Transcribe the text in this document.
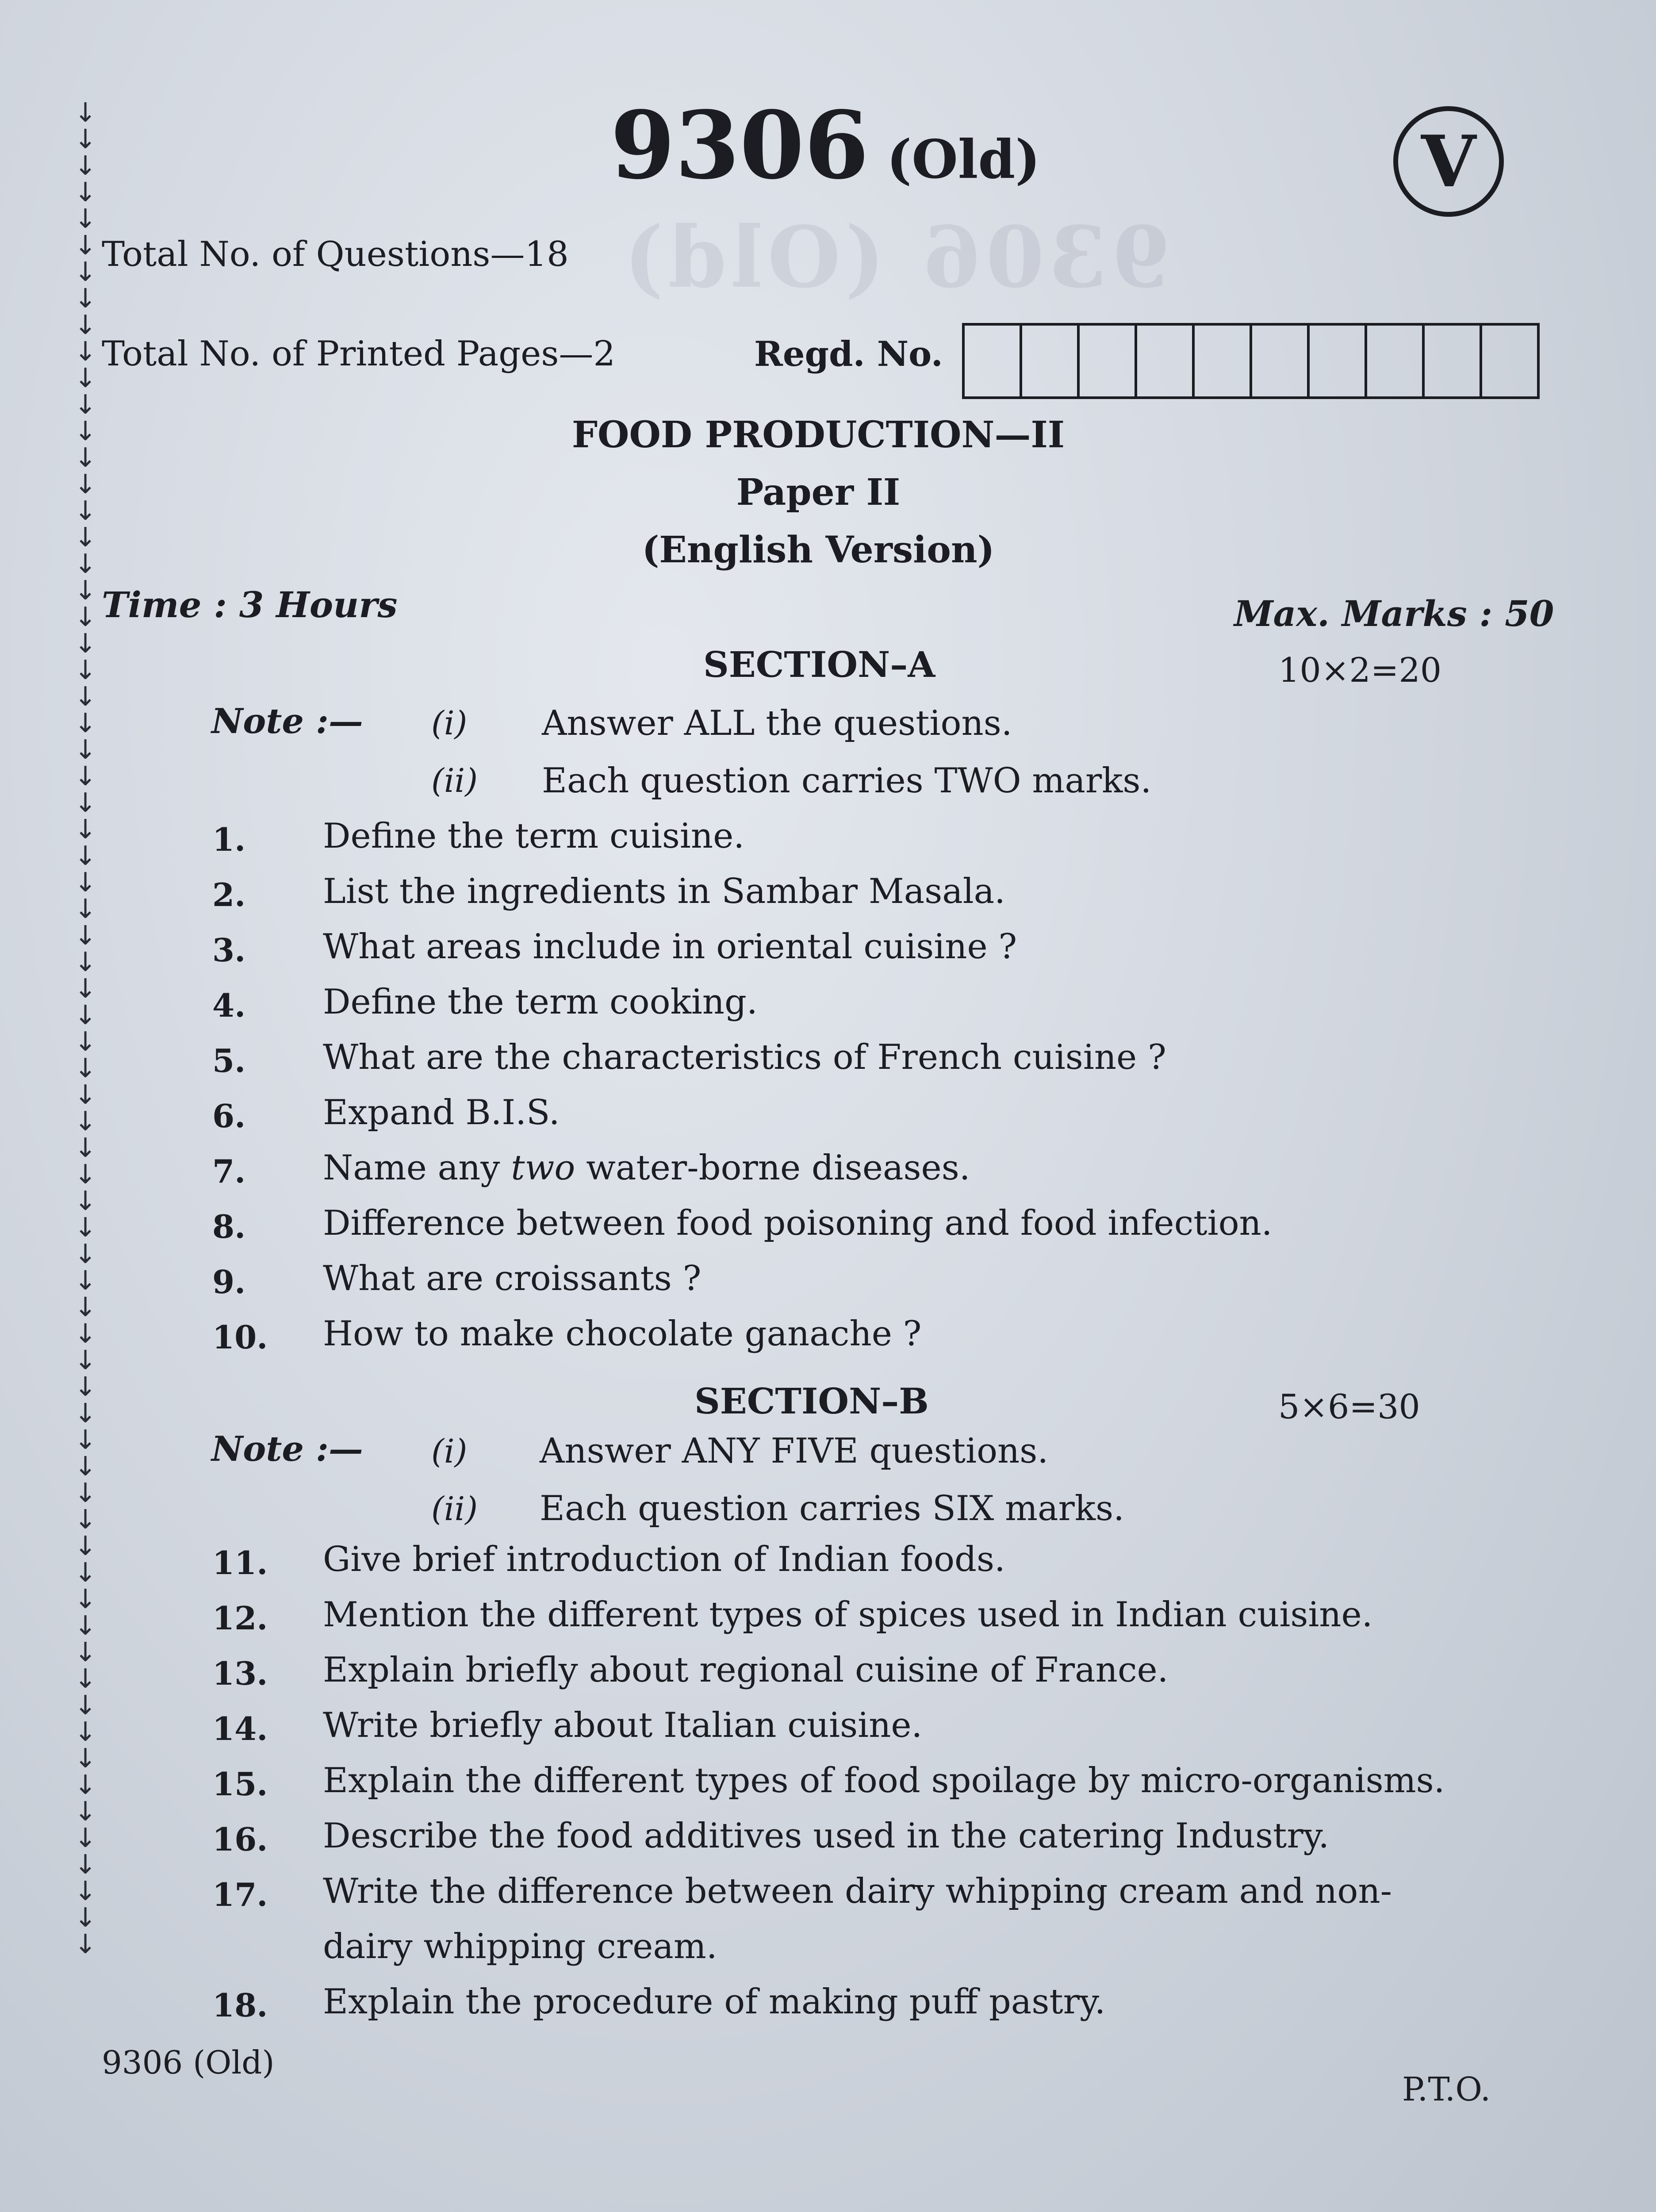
9306 (Old)
↓
↓
↓
↓
↓
↓
↓
↓
↓
↓
↓
↓
↓
↓
↓
↓
↓
↓
↓
↓
↓
↓
↓
↓
↓
↓
↓
↓
↓
↓
↓
↓
↓
↓
↓
↓
↓
↓
↓
↓
↓
↓
↓
↓
↓
↓
↓
↓
↓
↓
↓
↓
↓
↓
↓
↓
↓
↓
↓
↓
↓
↓
↓
↓
↓
↓
↓
↓
↓
↓
9306 (Old)	V
Total No. of Questions—18
Total No. of Printed Pages—2	Regd. No.
FOOD PRODUCTION—II
Paper II
(English Version)
Time : 3 Hours	Max. Marks : 50
SECTION–A	10×2=20
Note :— (i) Answer ALL the questions.
(ii) Each question carries TWO marks.
1. Define the term cuisine.
2. List the ingredients in Sambar Masala.
3. What areas include in oriental cuisine ?
4. Define the term cooking.
5. What are the characteristics of French cuisine ?
6. Expand B.I.S.
7. Name any two water-borne diseases.
8. Difference between food poisoning and food infection.
9. What are croissants ?
10. How to make chocolate ganache ?
SECTION–B	5×6=30
Note :— (i) Answer ANY FIVE questions.
(ii) Each question carries SIX marks.
11. Give brief introduction of Indian foods.
12. Mention the different types of spices used in Indian cuisine.
13. Explain briefly about regional cuisine of France.
14. Write briefly about Italian cuisine.
15. Explain the different types of food spoilage by micro-organisms.
16. Describe the food additives used in the catering Industry.
17. Write the difference between dairy whipping cream and non-
dairy whipping cream.
18. Explain the procedure of making puff pastry.
9306 (Old)
P.T.O.
